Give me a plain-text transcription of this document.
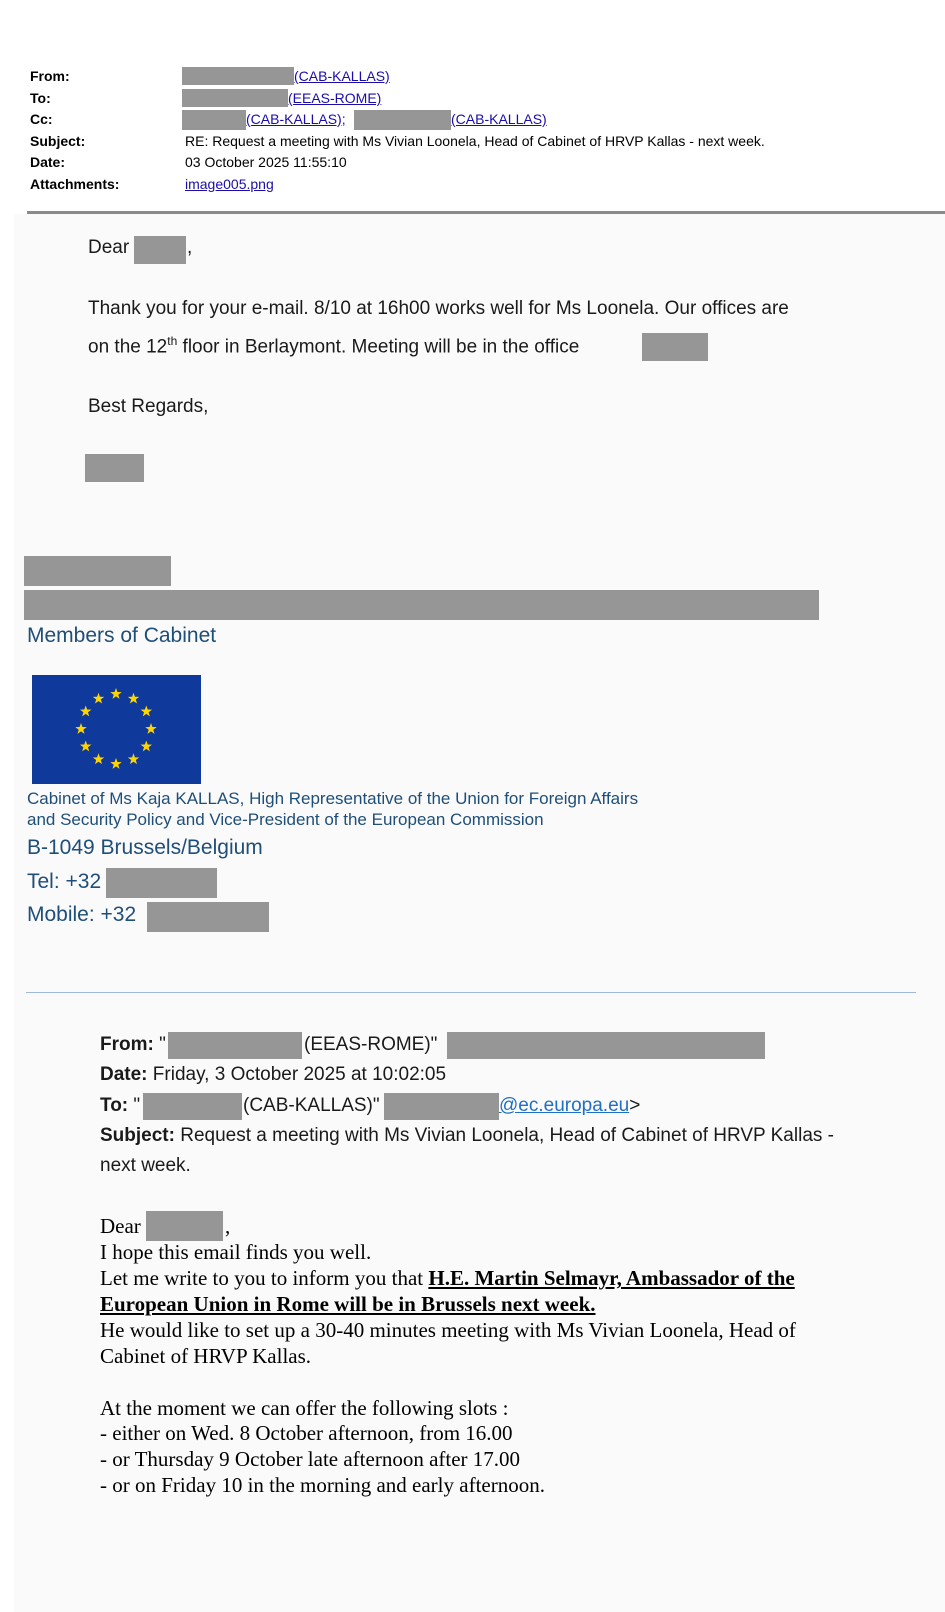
From:	(CAB-KALLAS)
To:	(EEAS-ROME)
Cc:	(CAB-KALLAS);	(CAB-KALLAS)
Subject:	RE: Request a meeting with Ms Vivian Loonela, Head of Cabinet of HRVP Kallas - next week.
Date:	03 October 2025 11:55:10
Attachments:	image005.png
Dear	,
Thank you for your e-mail. 8/10 at 16h00 works well for Ms Loonela. Our offices are
on the 12th floor in Berlaymont. Meeting will be in the office
Best Regards,
Members of Cabinet
Cabinet of Ms Kaja KALLAS, High Representative of the Union for Foreign Affairs
and Security Policy and Vice-President of the European Commission
B-1049 Brussels/Belgium
Tel: +32
Mobile: +32
From: "	(EEAS-ROME)"
Date: Friday, 3 October 2025 at 10:02:05
To: "	(CAB-KALLAS)"	@ec.europa.eu>
Subject: Request a meeting with Ms Vivian Loonela, Head of Cabinet of HRVP Kallas -
next week.
Dear	,
I hope this email finds you well.
Let me write to you to inform you that H.E. Martin Selmayr, Ambassador of the
European Union in Rome will be in Brussels next week.
He would like to set up a 30-40 minutes meeting with Ms Vivian Loonela, Head of
Cabinet of HRVP Kallas.
At the moment we can offer the following slots :
- either on Wed. 8 October afternoon, from 16.00
- or Thursday 9 October late afternoon after 17.00
- or on Friday 10 in the morning and early afternoon.
